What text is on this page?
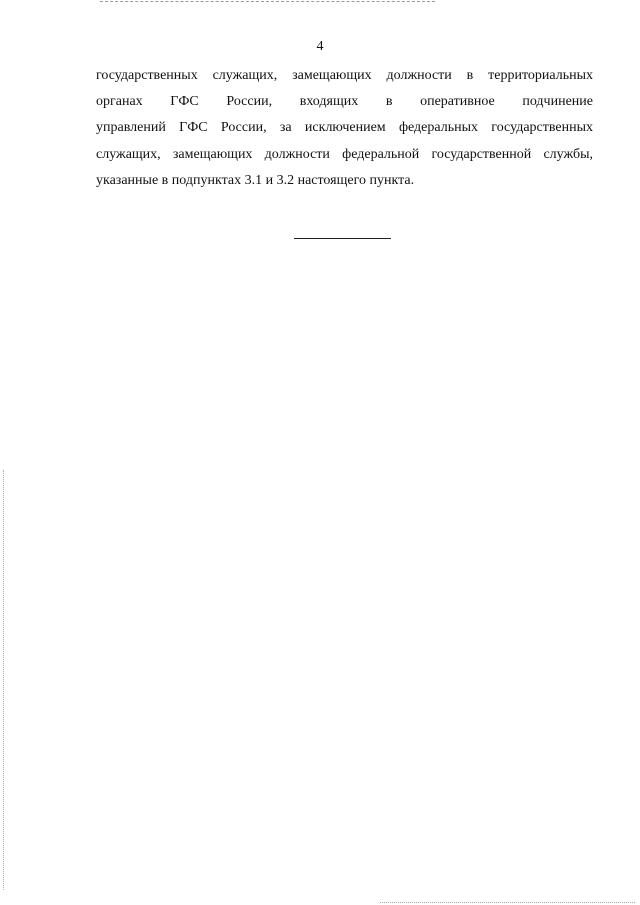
4

государственных служащих, замещающих должности в территориальных
органах ГФС России, входящих в оперативное подчинение
управлений ГФС России, за исключением федеральных государственных
служащих, замещающих должности федеральной государственной службы,
указанные в подпунктах 3.1 и 3.2 настоящего пункта.
